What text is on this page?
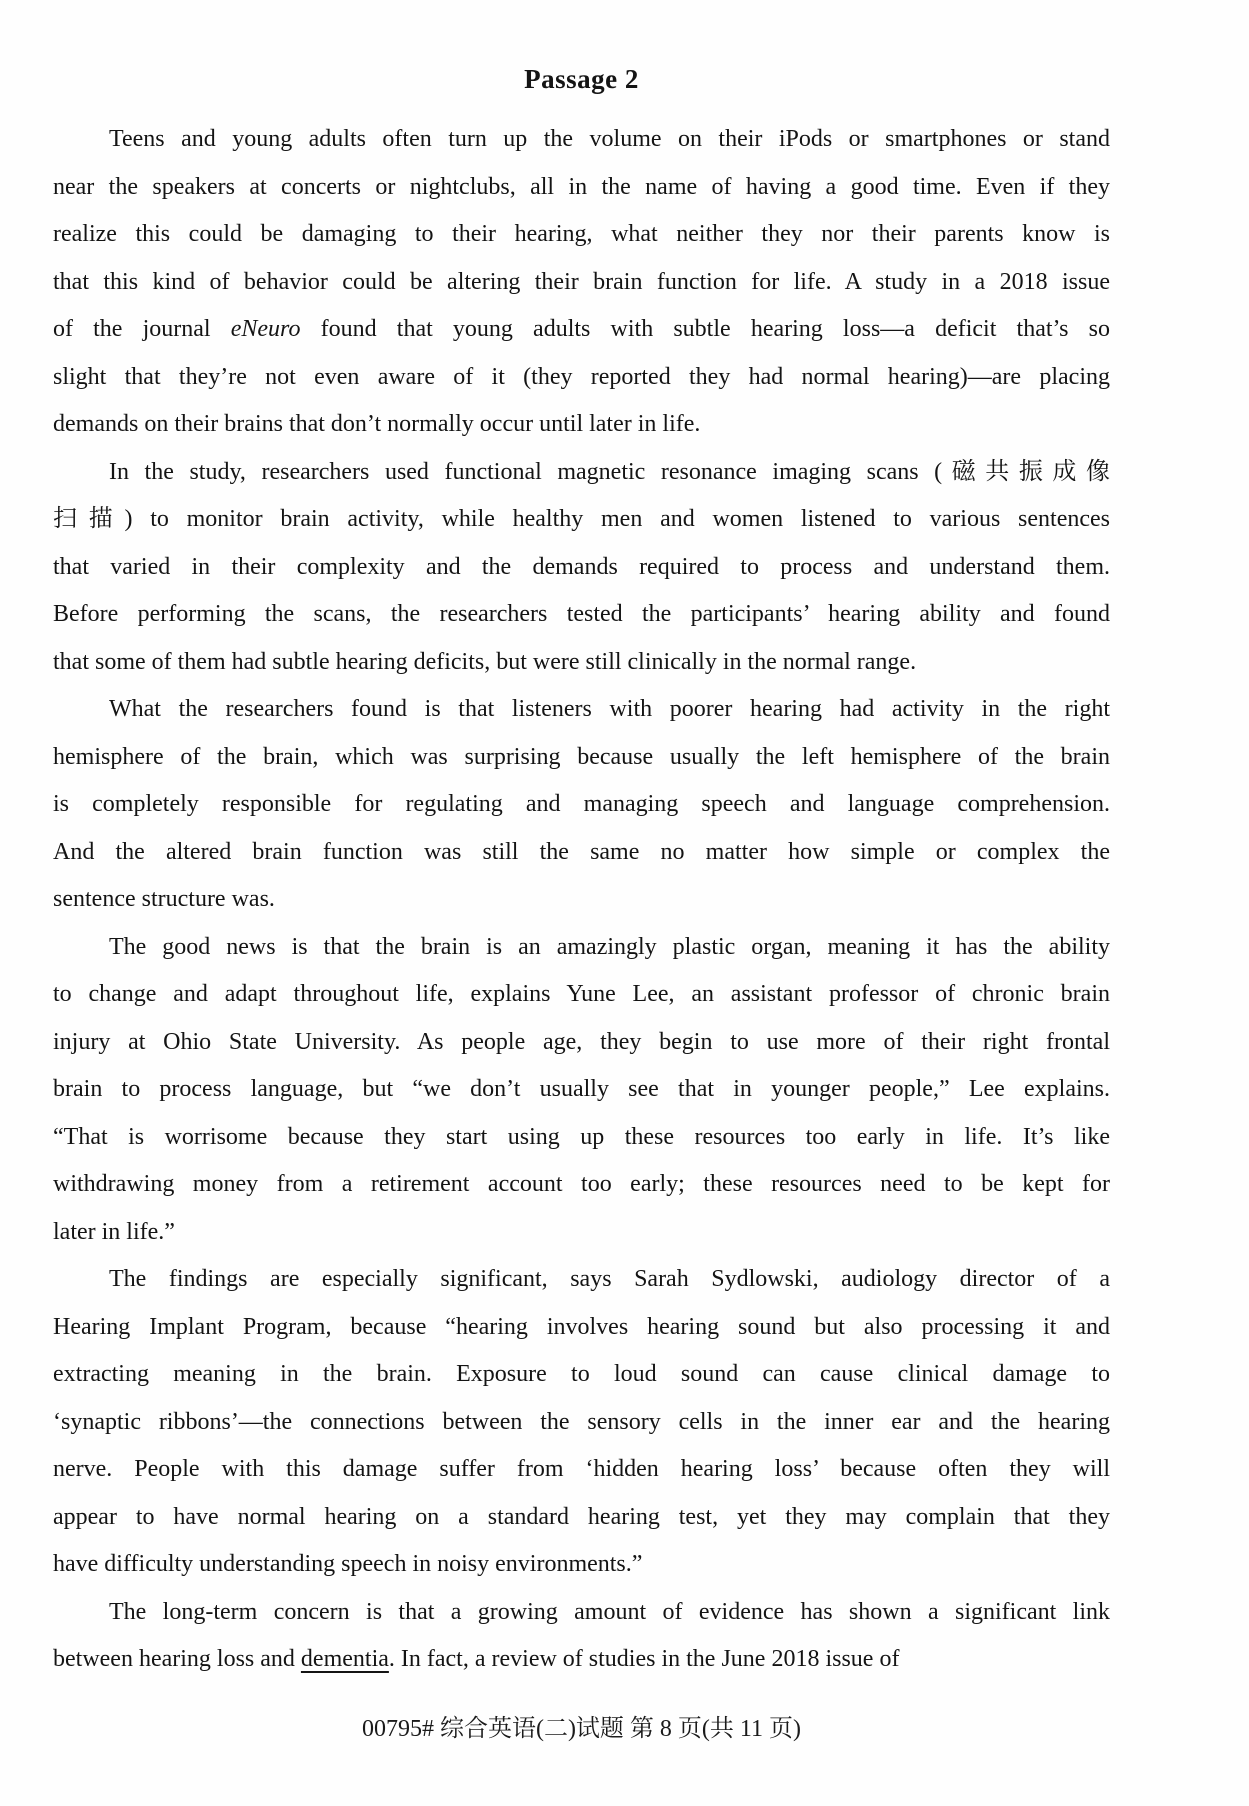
Passage 2
Teens and young adults often turn up the volume on their iPods or smartphones or stand
near the speakers at concerts or nightclubs, all in the name of having a good time. Even if they
realize this could be damaging to their hearing, what neither they nor their parents know is
that this kind of behavior could be altering their brain function for life. A study in a 2018 issue
of the journal eNeuro found that young adults with subtle hearing loss—a deficit that’s so
slight that they’re not even aware of it (they reported they had normal hearing)—are placing
demands on their brains that don’t normally occur until later in life.
In the study, researchers used functional magnetic resonance imaging scans (磁共振成像
扫描) to monitor brain activity, while healthy men and women listened to various sentences
that varied in their complexity and the demands required to process and understand them.
Before performing the scans, the researchers tested the participants’ hearing ability and found
that some of them had subtle hearing deficits, but were still clinically in the normal range.
What the researchers found is that listeners with poorer hearing had activity in the right
hemisphere of the brain, which was surprising because usually the left hemisphere of the brain
is completely responsible for regulating and managing speech and language comprehension.
And the altered brain function was still the same no matter how simple or complex the
sentence structure was.
The good news is that the brain is an amazingly plastic organ, meaning it has the ability
to change and adapt throughout life, explains Yune Lee, an assistant professor of chronic brain
injury at Ohio State University. As people age, they begin to use more of their right frontal
brain to process language, but “we don’t usually see that in younger people,” Lee explains.
“That is worrisome because they start using up these resources too early in life. It’s like
withdrawing money from a retirement account too early; these resources need to be kept for
later in life.”
The findings are especially significant, says Sarah Sydlowski, audiology director of a
Hearing Implant Program, because “hearing involves hearing sound but also processing it and
extracting meaning in the brain. Exposure to loud sound can cause clinical damage to
‘synaptic ribbons’—the connections between the sensory cells in the inner ear and the hearing
nerve. People with this damage suffer from ‘hidden hearing loss’ because often they will
appear to have normal hearing on a standard hearing test, yet they may complain that they
have difficulty understanding speech in noisy environments.”
The long-term concern is that a growing amount of evidence has shown a significant link
between hearing loss and dementia. In fact, a review of studies in the June 2018 issue of
00795# 综合英语(二)试题 第 8 页(共 11 页)
